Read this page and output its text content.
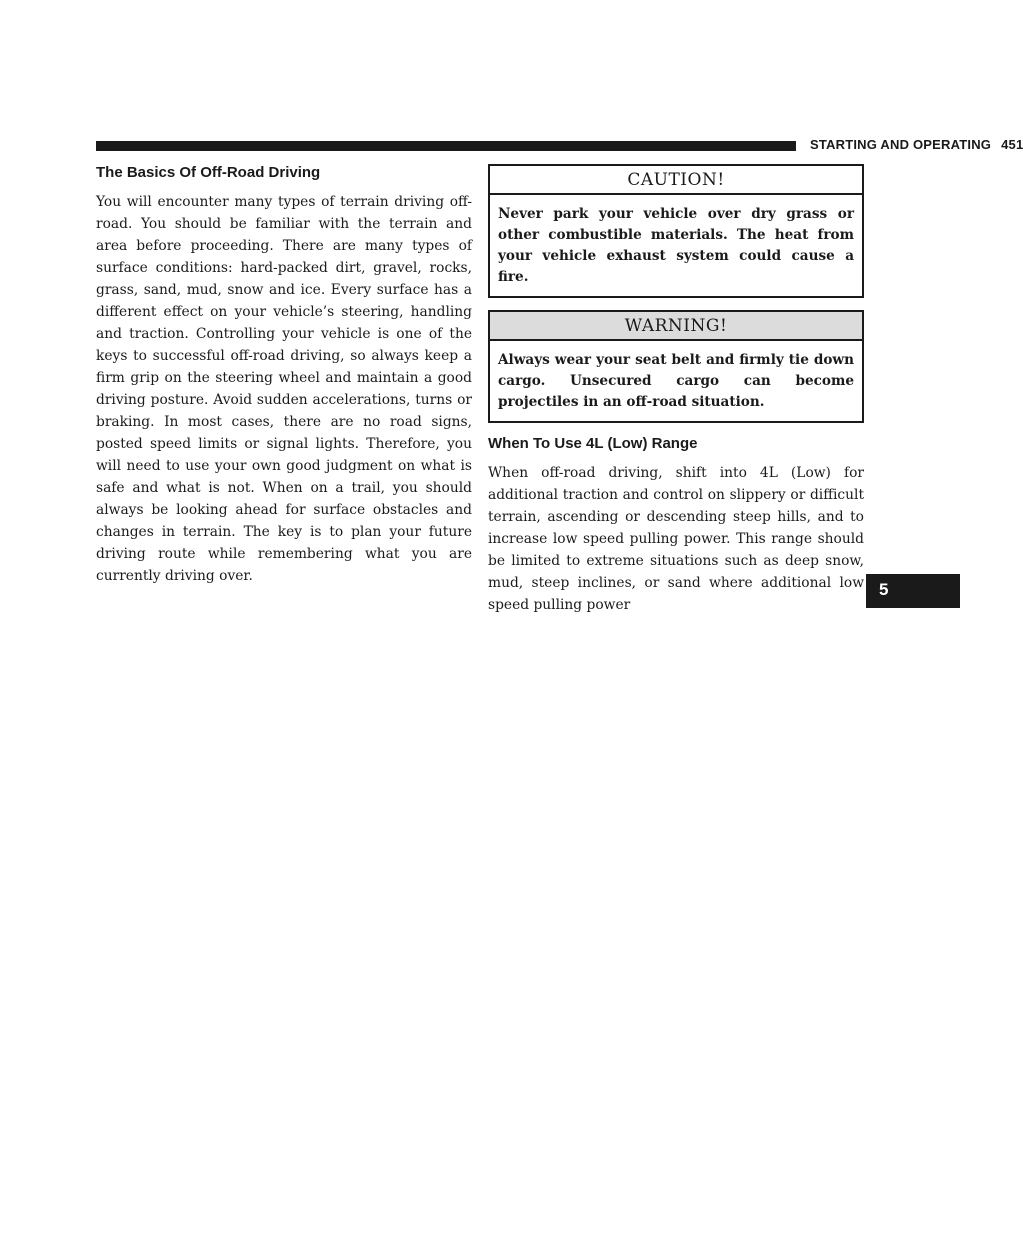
STARTING AND OPERATING 451
5
The Basics Of Off-Road Driving

You will encounter many types of terrain driving off-road. You should be familiar with the terrain and area before proceeding. There are many types of surface conditions: hard-packed dirt, gravel, rocks, grass, sand, mud, snow and ice. Every surface has a different effect on your vehicle’s steering, handling and traction. Controlling your vehicle is one of the keys to successful off-road driving, so always keep a firm grip on the steering wheel and maintain a good driving posture. Avoid sudden accelerations, turns or braking. In most cases, there are no road signs, posted speed limits or signal lights. Therefore, you will need to use your own good judgment on what is safe and what is not. When on a trail, you should always be looking ahead for surface obstacles and changes in terrain. The key is to plan your future driving route while remembering what you are currently driving over.

CAUTION!
Never park your vehicle over dry grass or other combustible materials. The heat from your vehicle exhaust system could cause a fire.
WARNING!
Always wear your seat belt and firmly tie down cargo. Unsecured cargo can become projectiles in an off-road situation.
When To Use 4L (Low) Range

When off-road driving, shift into 4L (Low) for additional traction and control on slippery or difficult terrain, ascending or descending steep hills, and to increase low speed pulling power. This range should be limited to extreme situations such as deep snow, mud, steep inclines, or sand where additional low speed pulling power
